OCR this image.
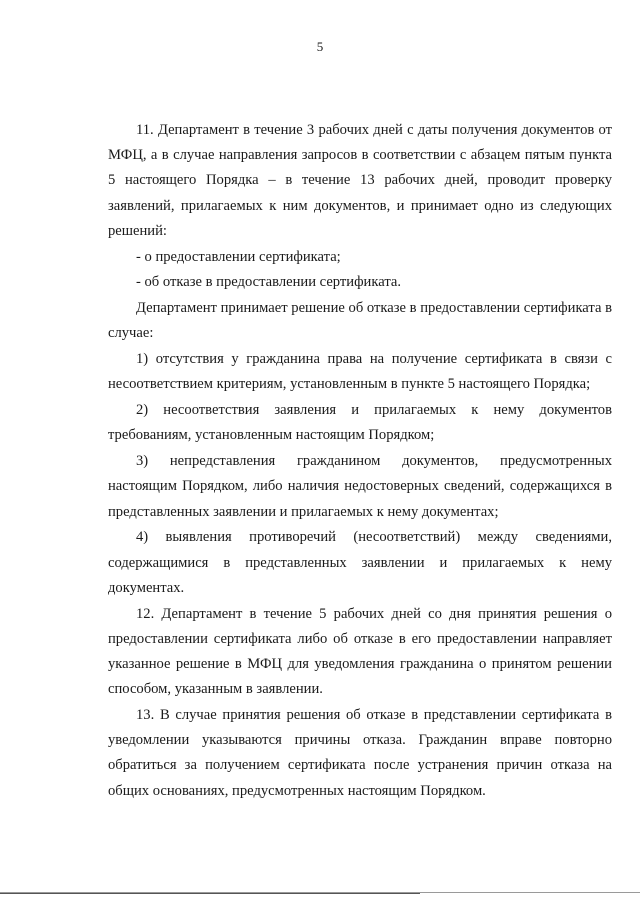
5

11. Департамент в течение 3 рабочих дней с даты получения документов от МФЦ, а в случае направления запросов в соответствии с абзацем пятым пункта 5 настоящего Порядка – в течение 13 рабочих дней, проводит проверку заявлений, прилагаемых к ним документов, и принимает одно из следующих решений:

- о предоставлении сертификата;

- об отказе в предоставлении сертификата.

Департамент принимает решение об отказе в предоставлении сертификата в случае:

1) отсутствия у гражданина права на получение сертификата в связи с несоответствием критериям, установленным в пункте 5 настоящего Порядка;

2) несоответствия заявления и прилагаемых к нему документов требованиям, установленным настоящим Порядком;

3) непредставления гражданином документов, предусмотренных настоящим Порядком, либо наличия недостоверных сведений, содержащихся в представленных заявлении и прилагаемых к нему документах;

4) выявления противоречий (несоответствий) между сведениями, содержащимися в представленных заявлении и прилагаемых к нему документах.

12. Департамент в течение 5 рабочих дней со дня принятия решения о предоставлении сертификата либо об отказе в его предоставлении направляет указанное решение в МФЦ для уведомления гражданина о принятом решении способом, указанным в заявлении.

13. В случае принятия решения об отказе в представлении сертификата в уведомлении указываются причины отказа. Гражданин вправе повторно обратиться за получением сертификата после устранения причин отказа на общих основаниях, предусмотренных настоящим Порядком.
